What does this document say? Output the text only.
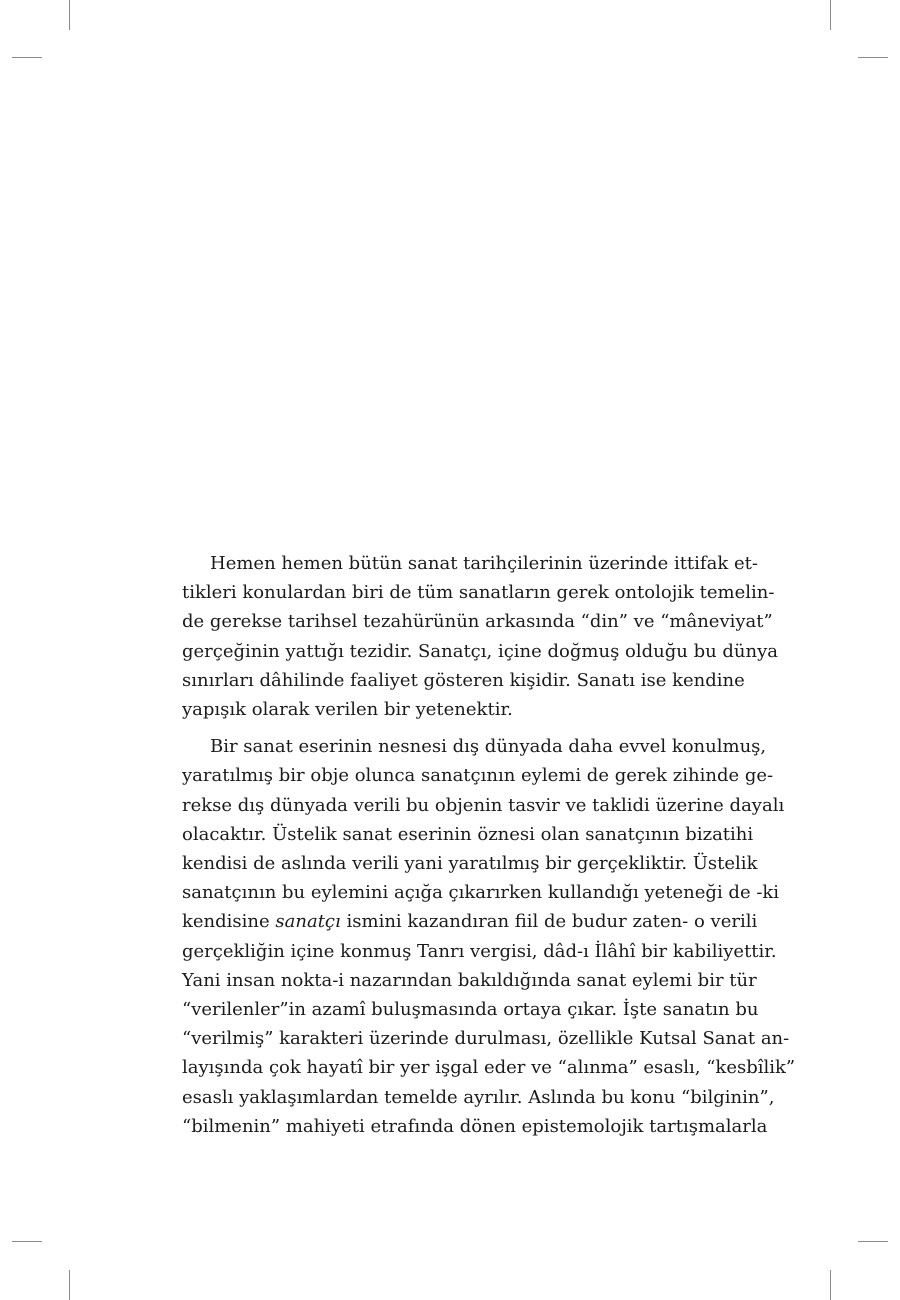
Hemen hemen bütün sanat tarihçilerinin üzerinde ittifak et-
tikleri konulardan biri de tüm sanatların gerek ontolojik temelin-
de gerekse tarihsel tezahürünün arkasında “din” ve “mâneviyat”
gerçeğinin yattığı tezidir. Sanatçı, içine doğmuş olduğu bu dünya
sınırları dâhilinde faaliyet gösteren kişidir. Sanatı ise kendine
yapışık olarak verilen bir yetenektir.
Bir sanat eserinin nesnesi dış dünyada daha evvel konulmuş,
yaratılmış bir obje olunca sanatçının eylemi de gerek zihinde ge-
rekse dış dünyada verili bu objenin tasvir ve taklidi üzerine dayalı
olacaktır. Üstelik sanat eserinin öznesi olan sanatçının bizatihi
kendisi de aslında verili yani yaratılmış bir gerçekliktir. Üstelik
sanatçının bu eylemini açığa çıkarırken kullandığı yeteneği de -ki
kendisine sanatçı ismini kazandıran fiil de budur zaten- o verili
gerçekliğin içine konmuş Tanrı vergisi, dâd-ı İlâhî bir kabiliyettir.
Yani insan nokta-i nazarından bakıldığında sanat eylemi bir tür
“verilenler”in azamî buluşmasında ortaya çıkar. İşte sanatın bu
“verilmiş” karakteri üzerinde durulması, özellikle Kutsal Sanat an-
layışında çok hayatî bir yer işgal eder ve “alınma” esaslı, “kesbîlik”
esaslı yaklaşımlardan temelde ayrılır. Aslında bu konu “bilginin”,
“bilmenin” mahiyeti etrafında dönen epistemolojik tartışmalarla
